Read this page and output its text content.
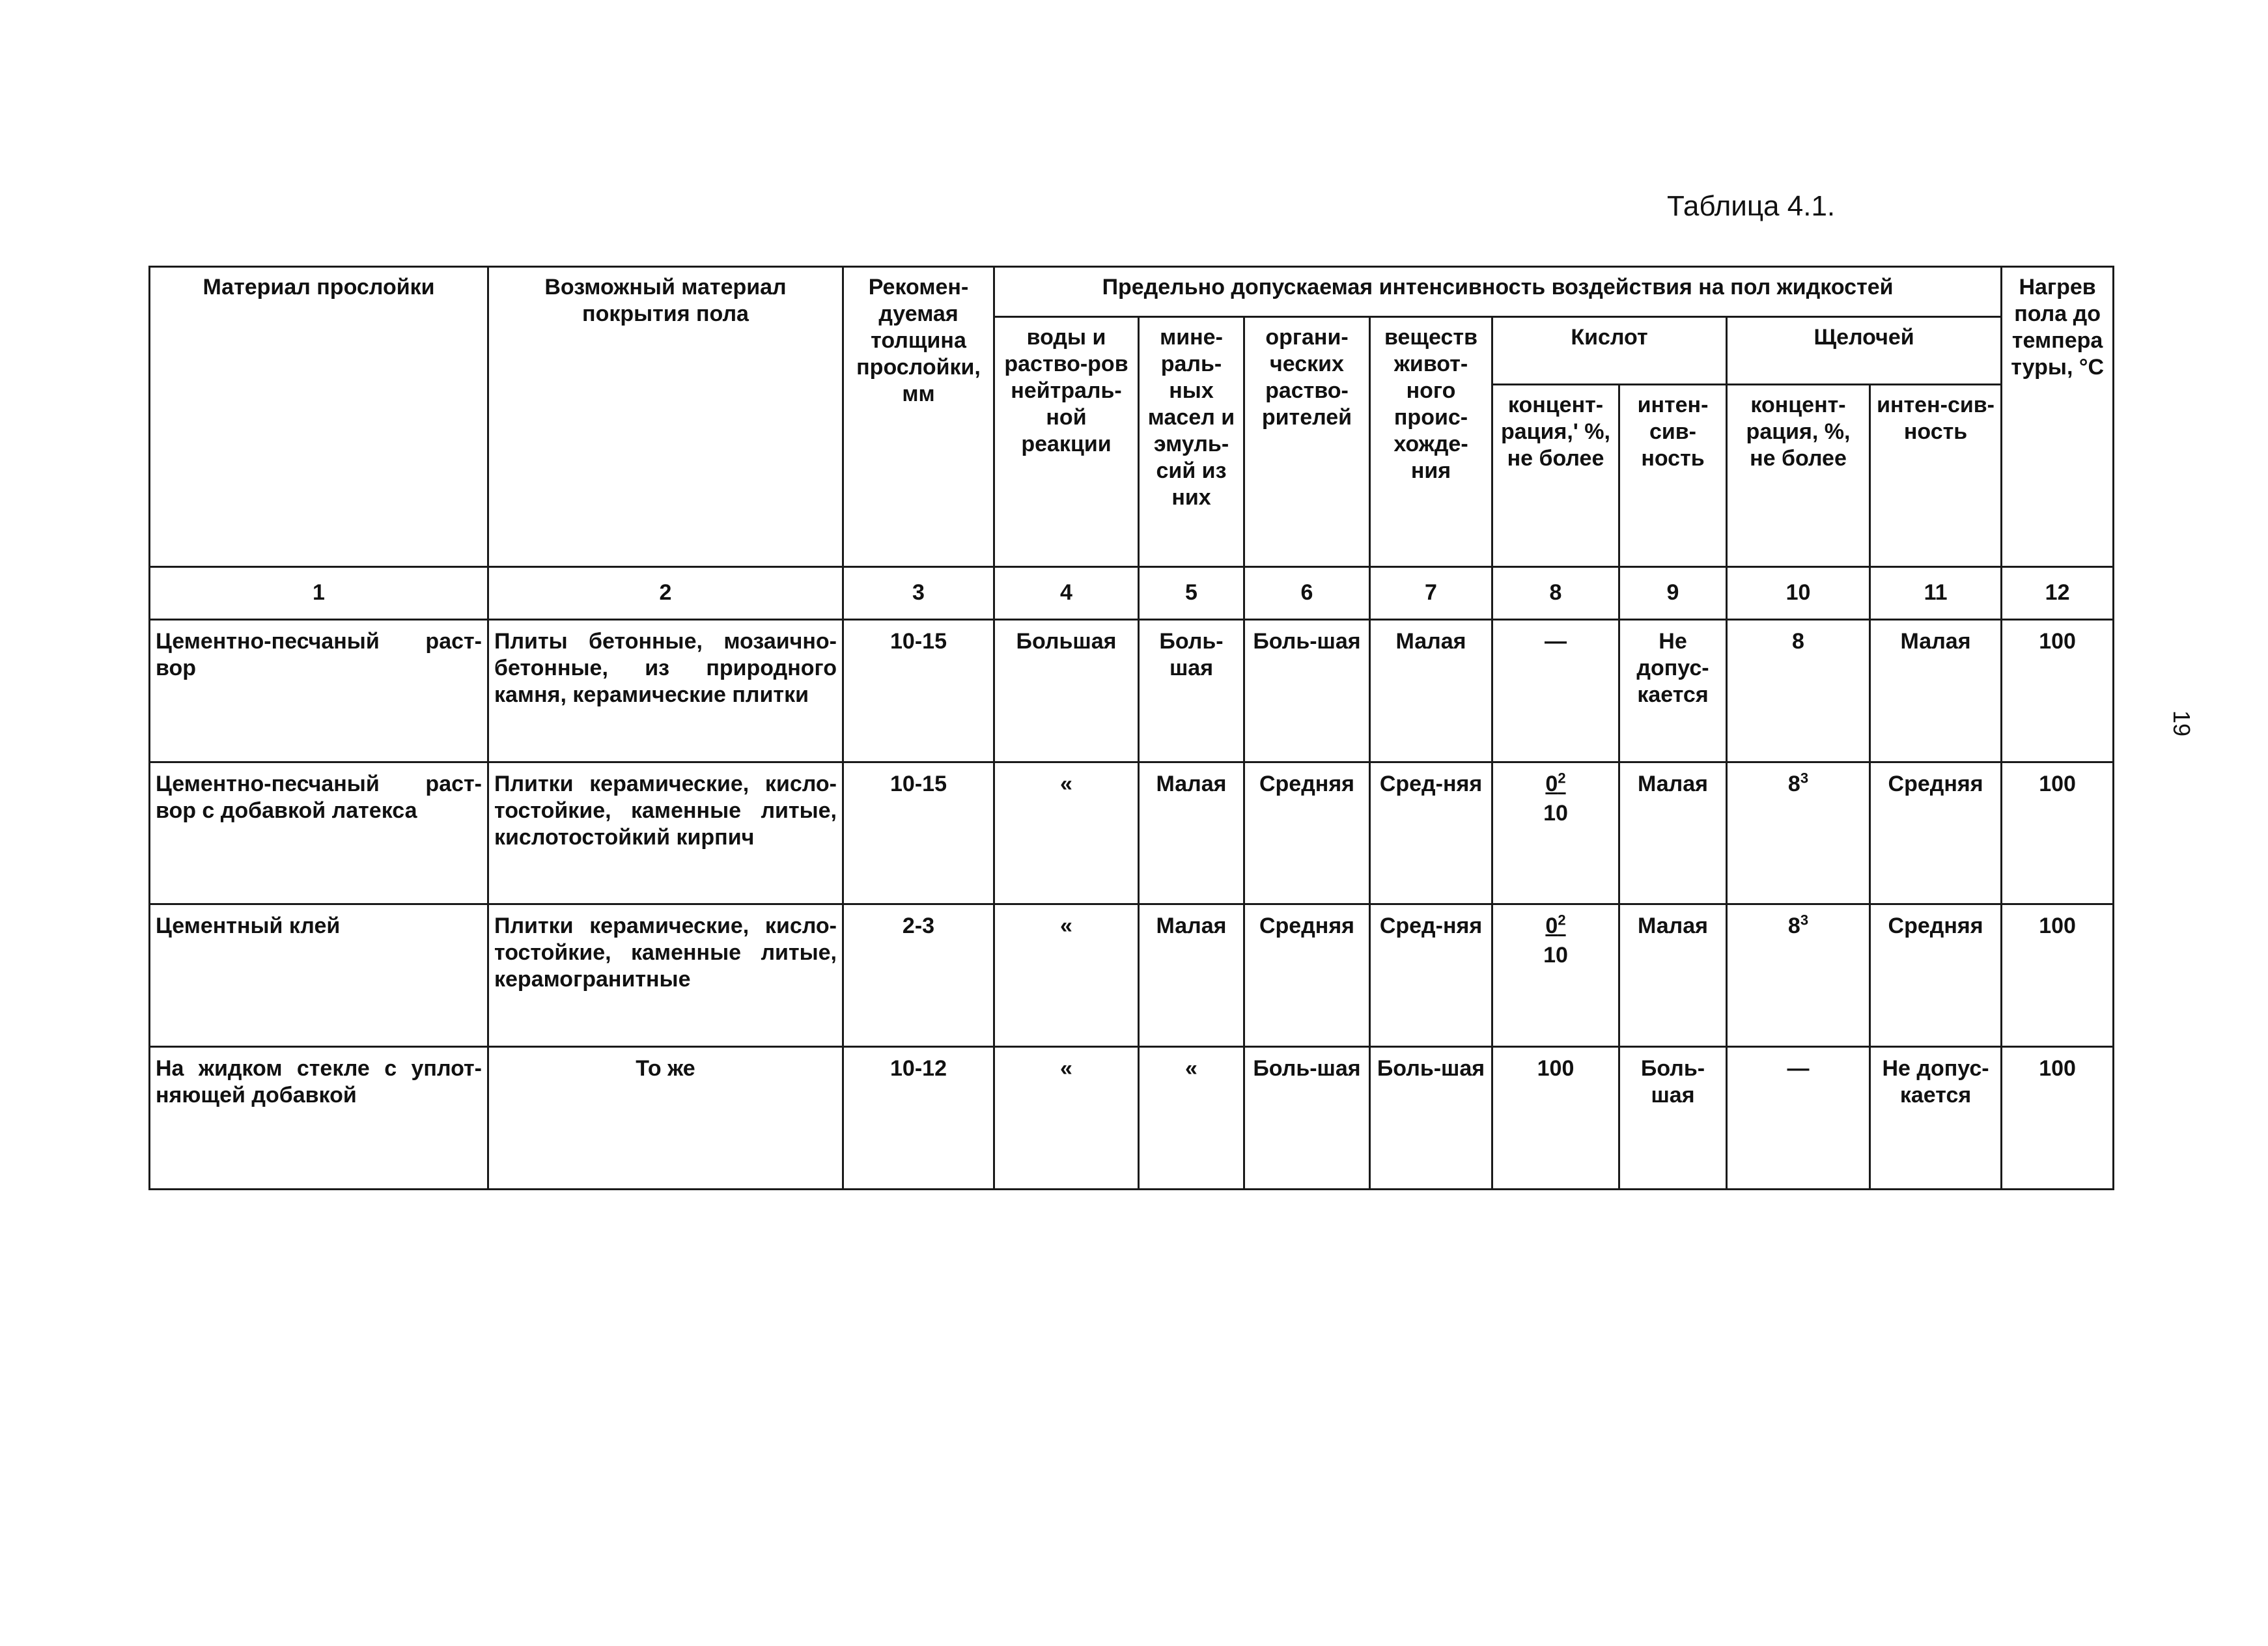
Таблица 4.1.
19
Материал прослойки	Возможный материал покрытия пола	Рекомен-дуемая толщина прослойки, мм	Предельно допускаемая интенсивность воздействия на пол жидкостей								Нагрев пола до темпера туры, °С
			воды и раство-ров нейтраль-ной реакции	мине-раль-ных масел и эмуль-сий из них	органи-ческих раство-рителей	веществ живот-ного проис-хожде-ния	Кислот		Щелочей		
							концент-рация,' %, не более	интен-сив-ность	концент-рация, %, не более	интен-сив-ность	
1	2	3	4	5	6	7	8	9	10	11	12
Цементно-песчаный раст-вор	Плиты бетонные, мозаично-бетонные, из природного камня, керамические плитки	10-15	Большая	Боль-шая	Боль-шая	Малая	—	Не допус-кается	8	Малая	100
Цементно-песчаный раст-вор с добавкой латекса	Плитки керамические, кисло-тостойкие, каменные литые, кислотостойкий кирпич	10-15	«	Малая	Средняя	Сред-няя	$\frac{0^2}{10}$	Малая	$8^3$	Средняя	100
Цементный клей	Плитки керамические, кисло-тостойкие, каменные литые, керамогранитные	2-3	«	Малая	Средняя	Сред-няя	$\frac{0^2}{10}$	Малая	$8^3$	Средняя	100
На жидком стекле с уплот-няющей добавкой	То же	10-12	«	«	Боль-шая	Боль-шая	100	Боль-шая	—	Не допус-кается	100
